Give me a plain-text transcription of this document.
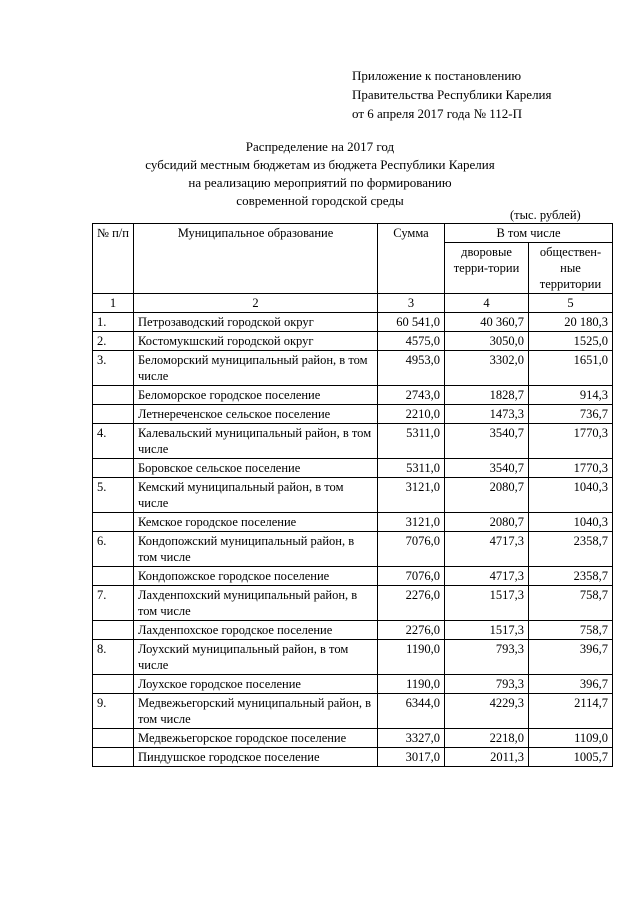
Приложение к постановлению
Правительства Республики Карелия
от 6 апреля 2017 года № 112-П
Распределение на 2017 год
субсидий местным бюджетам из бюджета Республики Карелия
на реализацию мероприятий по формированию
современной городской среды
(тыс. рублей)
№ п/п	Муниципальное образование	Сумма	В том числе	
			дворовые терри-тории	обществен-ные территории
1	2	3	4	5
1.	Петрозаводский городской округ	60 541,0	40 360,7	20 180,3
2.	Костомукшский городской округ	4575,0	3050,0	1525,0
3.	Беломорский муниципальный район, в том числе	4953,0	3302,0	1651,0
	Беломорское городское поселение	2743,0	1828,7	914,3
	Летнереченское сельское поселение	2210,0	1473,3	736,7
4.	Калевальский муниципальный район, в том числе	5311,0	3540,7	1770,3
	Боровское сельское поселение	5311,0	3540,7	1770,3
5.	Кемский муниципальный район, в том числе	3121,0	2080,7	1040,3
	Кемское городское поселение	3121,0	2080,7	1040,3
6.	Кондопожский муниципальный район, в том числе	7076,0	4717,3	2358,7
	Кондопожское городское поселение	7076,0	4717,3	2358,7
7.	Лахденпохский муниципальный район, в том числе	2276,0	1517,3	758,7
	Лахденпохское городское поселение	2276,0	1517,3	758,7
8.	Лоухский муниципальный район, в том числе	1190,0	793,3	396,7
	Лоухское городское поселение	1190,0	793,3	396,7
9.	Медвежьегорский муниципальный район, в том числе	6344,0	4229,3	2114,7
	Медвежьегорское городское поселение	3327,0	2218,0	1109,0
	Пиндушское городское поселение	3017,0	2011,3	1005,7
